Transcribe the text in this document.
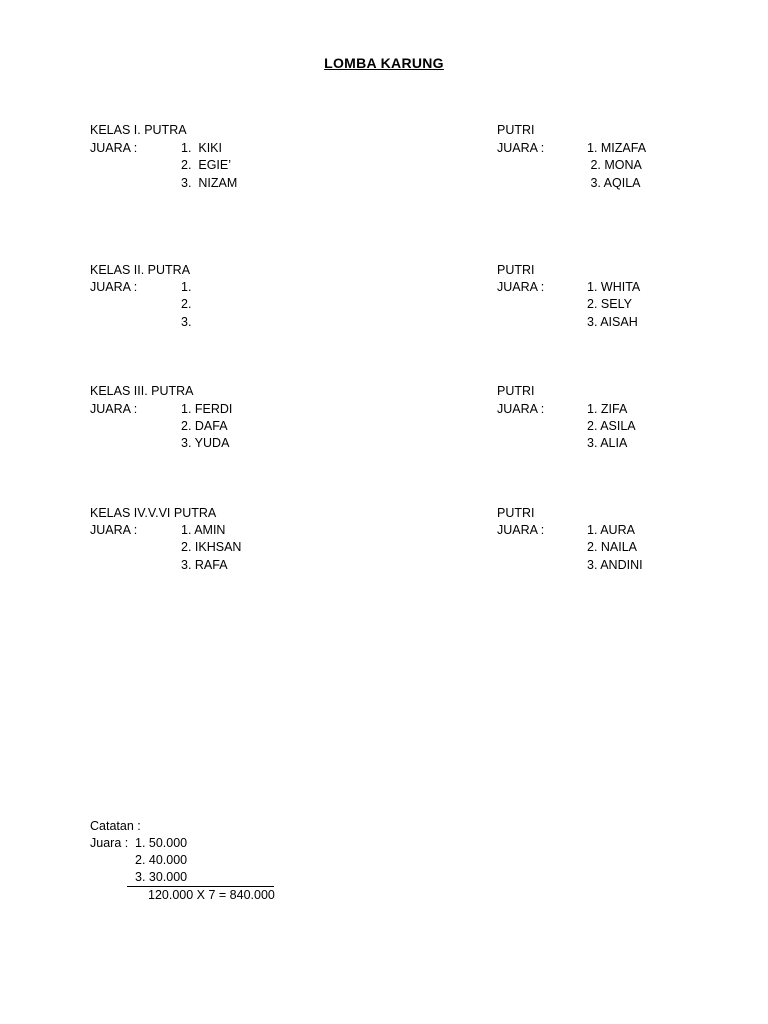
LOMBA KARUNG
KELAS I. PUTRA
JUARA :	1.  KIKI
2.  EGIE’
3.  NIZAM
PUTRI
JUARA :	1. MIZAFA
2. MONA
3. AQILA
KELAS II. PUTRA
JUARA :	1.
2.
3.
PUTRI
JUARA :	1. WHITA
2. SELY
3. AISAH
KELAS III. PUTRA
JUARA :	1. FERDI
2. DAFA
3. YUDA
PUTRI
JUARA :	1. ZIFA
2. ASILA
3. ALIA
KELAS IV.V.VI PUTRA
JUARA :	1. AMIN
2. IKHSAN
3. RAFA
PUTRI
JUARA :	1. AURA
2. NAILA
3. ANDINI
Catatan :
Juara : 1. 50.000
2. 40.000
3. 30.000
120.000 X 7 = 840.000
